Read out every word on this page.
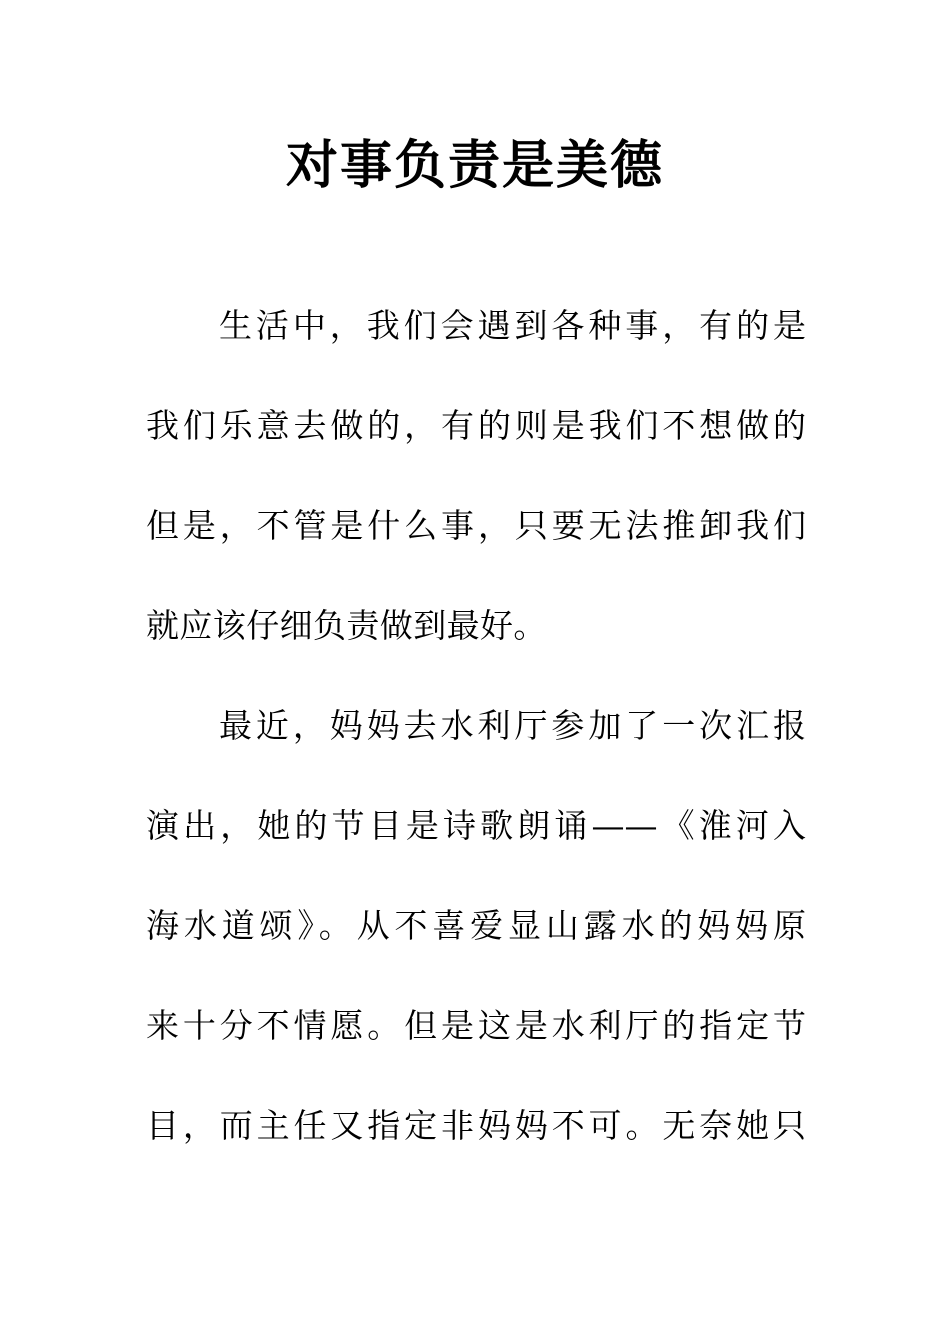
对事负责是美德
生活中，我们会遇到各种事，有的是
我们乐意去做的，有的则是我们不想做的
但是，不管是什么事，只要无法推卸我们
就应该仔细负责做到最好。
最近，妈妈去水利厅参加了一次汇报
演出，她的节目是诗歌朗诵——《淮河入
海水道颂》。从不喜爱显山露水的妈妈原
来十分不情愿。但是这是水利厅的指定节
目，而主任又指定非妈妈不可。无奈她只
